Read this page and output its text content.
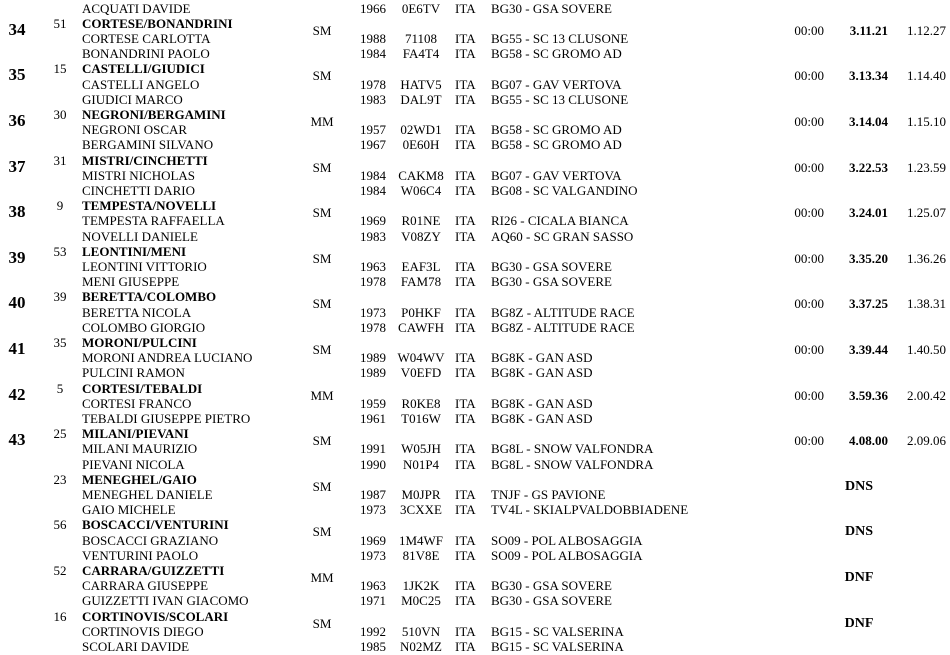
ACQUATI DAVIDE	1966	0E6TV	ITA	BG30 - GSA SOVERE
51	CORTESE/BONANDRINI	SM
34	00:00	3.11.21	1.12.27
CORTESE CARLOTTA	1988	71108	ITA	BG55 - SC 13 CLUSONE
BONANDRINI PAOLO	1984	FA4T4	ITA	BG58 - SC GROMO AD
15	CASTELLI/GIUDICI	SM
35	00:00	3.13.34	1.14.40
CASTELLI ANGELO	1978	HATV5	ITA	BG07 - GAV VERTOVA
GIUDICI MARCO	1983	DAL9T	ITA	BG55 - SC 13 CLUSONE
30	NEGRONI/BERGAMINI	MM
36	00:00	3.14.04	1.15.10
NEGRONI OSCAR	1957	02WD1	ITA	BG58 - SC GROMO AD
BERGAMINI SILVANO	1967	0E60H	ITA	BG58 - SC GROMO AD
31	MISTRI/CINCHETTI	SM
37	00:00	3.22.53	1.23.59
MISTRI NICHOLAS	1984 CAKM8 ITA	BG07 - GAV VERTOVA
CINCHETTI DARIO	1984	W06C4	ITA	BG08 - SC VALGANDINO
9	TEMPESTA/NOVELLI	SM
38	00:00	3.24.01	1.25.07
TEMPESTA RAFFAELLA	1969	R01NE	ITA	RI26 - CICALA BIANCA
NOVELLI DANIELE	1983	V08ZY	ITA	AQ60 - SC GRAN SASSO
53	LEONTINI/MENI	SM
39	00:00	3.35.20	1.36.26
LEONTINI VITTORIO	1963	EAF3L	ITA	BG30 - GSA SOVERE
MENI GIUSEPPE	1978	FAM78	ITA	BG30 - GSA SOVERE
39	BERETTA/COLOMBO	SM
40	00:00	3.37.25	1.38.31
BERETTA NICOLA	1973	P0HKF	ITA	BG8Z - ALTITUDE RACE
COLOMBO GIORGIO	1978 CAWFH ITA	BG8Z - ALTITUDE RACE
35	MORONI/PULCINI	SM
41	00:00	3.39.44	1.40.50
MORONI ANDREA LUCIANO	1989 W04WV ITA	BG8K - GAN ASD
PULCINI RAMON	1989	V0EFD	ITA	BG8K - GAN ASD
5	CORTESI/TEBALDI	MM
42	00:00	3.59.36	2.00.42
CORTESI FRANCO	1959	R0KE8	ITA	BG8K - GAN ASD
TEBALDI GIUSEPPE PIETRO	1961	T016W	ITA	BG8K - GAN ASD
25	MILANI/PIEVANI	SM
43	00:00	4.08.00	2.09.06
MILANI MAURIZIO	1991	W05JH	ITA	BG8L - SNOW VALFONDRA
PIEVANI NICOLA	1990	N01P4	ITA	BG8L - SNOW VALFONDRA
23	MENEGHEL/GAIO	SM	DNS
MENEGHEL DANIELE	1987	M0JPR	ITA	TNJF - GS PAVIONE
GAIO MICHELE	1973	3CXXE	ITA	TV4L - SKIALPVALDOBBIADENE
56	BOSCACCI/VENTURINI	SM	DNS
BOSCACCI GRAZIANO	1969 1M4WF ITA	SO09 - POL ALBOSAGGIA
VENTURINI PAOLO	1973	81V8E	ITA	SO09 - POL ALBOSAGGIA
52	CARRARA/GUIZZETTI	MM	DNF
CARRARA GIUSEPPE	1963	1JK2K	ITA	BG30 - GSA SOVERE
GUIZZETTI IVAN GIACOMO	1971	M0C25	ITA	BG30 - GSA SOVERE
16	CORTINOVIS/SCOLARI	SM	DNF
CORTINOVIS DIEGO	1992	510VN	ITA	BG15 - SC VALSERINA
SCOLARI DAVIDE	1985	N02MZ	ITA	BG15 - SC VALSERINA
